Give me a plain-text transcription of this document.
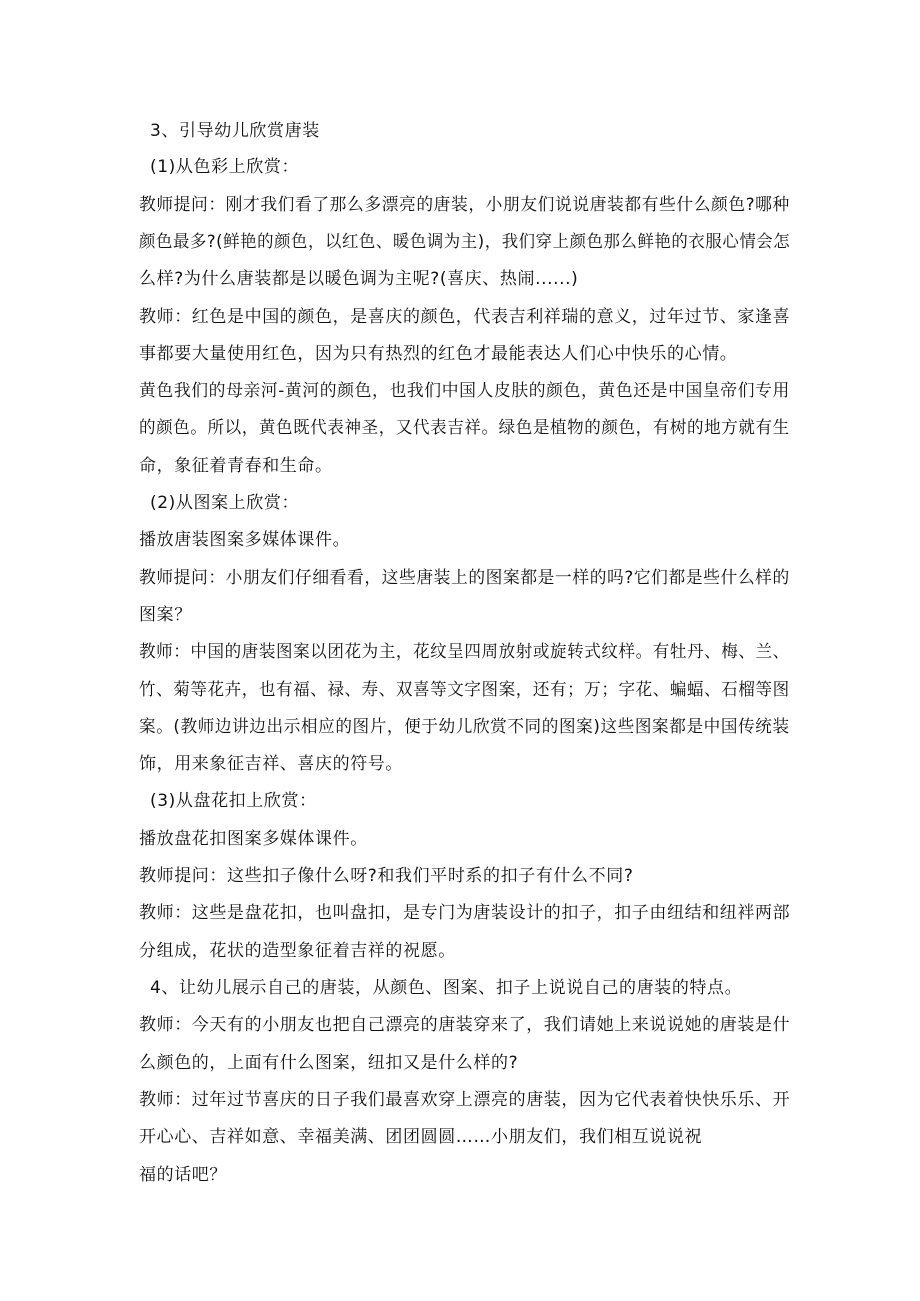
3、引导幼儿欣赏唐装
(1)从色彩上欣赏：
教师提问：刚才我们看了那么多漂亮的唐装，小朋友们说说唐装都有些什么颜色?哪种
颜色最多?(鲜艳的颜色，以红色、暖色调为主)，我们穿上颜色那么鲜艳的衣服心情会怎
么样?为什么唐装都是以暖色调为主呢?(喜庆、热闹......)
教师：红色是中国的颜色，是喜庆的颜色，代表吉利祥瑞的意义，过年过节、家逢喜
事都要大量使用红色，因为只有热烈的红色才最能表达人们心中快乐的心情。
黄色我们的母亲河-黄河的颜色，也我们中国人皮肤的颜色，黄色还是中国皇帝们专用
的颜色。所以，黄色既代表神圣，又代表吉祥。绿色是植物的颜色，有树的地方就有生
命，象征着青春和生命。
(2)从图案上欣赏：
播放唐装图案多媒体课件。
教师提问：小朋友们仔细看看，这些唐装上的图案都是一样的吗?它们都是些什么样的
图案？
教师：中国的唐装图案以团花为主，花纹呈四周放射或旋转式纹样。有牡丹、梅、兰、
竹、菊等花卉，也有福、禄、寿、双喜等文字图案，还有；万；字花、蝙蝠、石榴等图
案。(教师边讲边出示相应的图片，便于幼儿欣赏不同的图案)这些图案都是中国传统装
饰，用来象征吉祥、喜庆的符号。
(3)从盘花扣上欣赏：
播放盘花扣图案多媒体课件。
教师提问：这些扣子像什么呀?和我们平时系的扣子有什么不同?
教师：这些是盘花扣，也叫盘扣，是专门为唐装设计的扣子，扣子由纽结和纽袢两部
分组成，花状的造型象征着吉祥的祝愿。
4、让幼儿展示自己的唐装，从颜色、图案、扣子上说说自己的唐装的特点。
教师：今天有的小朋友也把自己漂亮的唐装穿来了，我们请她上来说说她的唐装是什
么颜色的，上面有什么图案，纽扣又是什么样的?
教师：过年过节喜庆的日子我们最喜欢穿上漂亮的唐装，因为它代表着快快乐乐、开
开心心、吉祥如意、幸福美满、团团圆圆……小朋友们，我们相互说说祝
福的话吧？
